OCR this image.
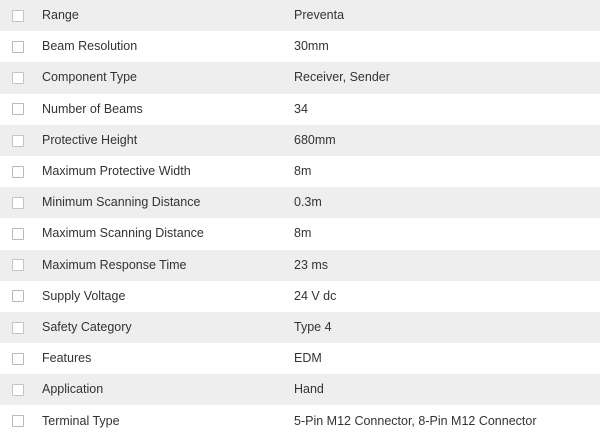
	Range	Preventa
	Beam Resolution	30mm
	Component Type	Receiver, Sender
	Number of Beams	34
	Protective Height	680mm
	Maximum Protective Width	8m
	Minimum Scanning Distance	0.3m
	Maximum Scanning Distance	8m
	Maximum Response Time	23 ms
	Supply Voltage	24 V dc
	Safety Category	Type 4
	Features	EDM
	Application	Hand
	Terminal Type	5-Pin M12 Connector, 8-Pin M12 Connector
